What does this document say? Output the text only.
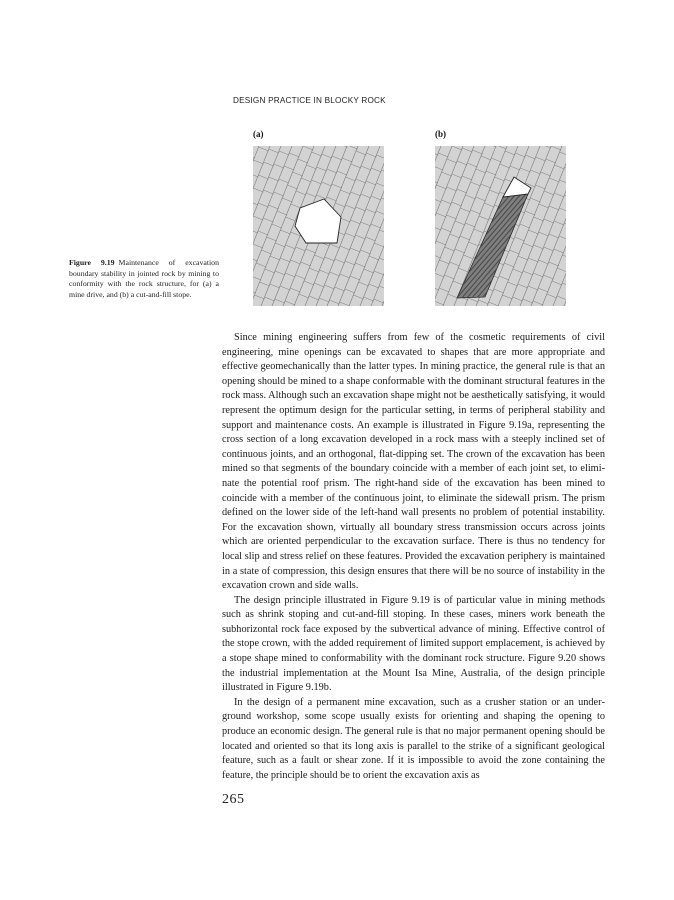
DESIGN PRACTICE IN BLOCKY ROCK
(a)	(b)
Figure 9.19 Maintenance of excavation boundary stability in jointed rock by mining to conformity with the rock structure, for (a) a mine drive, and (b) a cut-and-fill stope.

Since mining engineering suffers from few of the cosmetic requirements of civil engineering, mine openings can be excavated to shapes that are more appropriate and effective geomechanically than the latter types. In mining practice, the general rule is that an opening should be mined to a shape conformable with the dominant structural features in the rock mass. Although such an excavation shape might not be aesthetically satisfying, it would represent the optimum design for the particular setting, in terms of peripheral stability and support and maintenance costs. An example is illustrated in Figure 9.19a, representing the cross section of a long excavation developed in a rock mass with a steeply inclined set of continuous joints, and an orthogonal, flat-dipping set. The crown of the excavation has been mined so that segments of the boundary coincide with a member of each joint set, to eliminate the potential roof prism. The right-hand side of the excavation has been mined to coincide with a member of the continuous joint, to eliminate the sidewall prism. The prism defined on the lower side of the left-hand wall presents no problem of potential instability. For the excavation shown, virtually all boundary stress transmission occurs across joints which are oriented perpendicular to the excavation surface. There is thus no tendency for local slip and stress relief on these features. Provided the excavation periphery is maintained in a state of compression, this design ensures that there will be no source of instability in the excavation crown and side walls.

The design principle illustrated in Figure 9.19 is of particular value in mining methods such as shrink stoping and cut-and-fill stoping. In these cases, miners work beneath the subhorizontal rock face exposed by the subvertical advance of mining. Effective control of the stope crown, with the added requirement of limited support emplacement, is achieved by a stope shape mined to conformability with the dominant rock structure. Figure 9.20 shows the industrial implementation at the Mount Isa Mine, Australia, of the design principle illustrated in Figure 9.19b.

In the design of a permanent mine excavation, such as a crusher station or an underground workshop, some scope usually exists for orienting and shaping the opening to produce an economic design. The general rule is that no major permanent opening should be located and oriented so that its long axis is parallel to the strike of a significant geological feature, such as a fault or shear zone. If it is impossible to avoid the zone containing the feature, the principle should be to orient the excavation axis as

265
